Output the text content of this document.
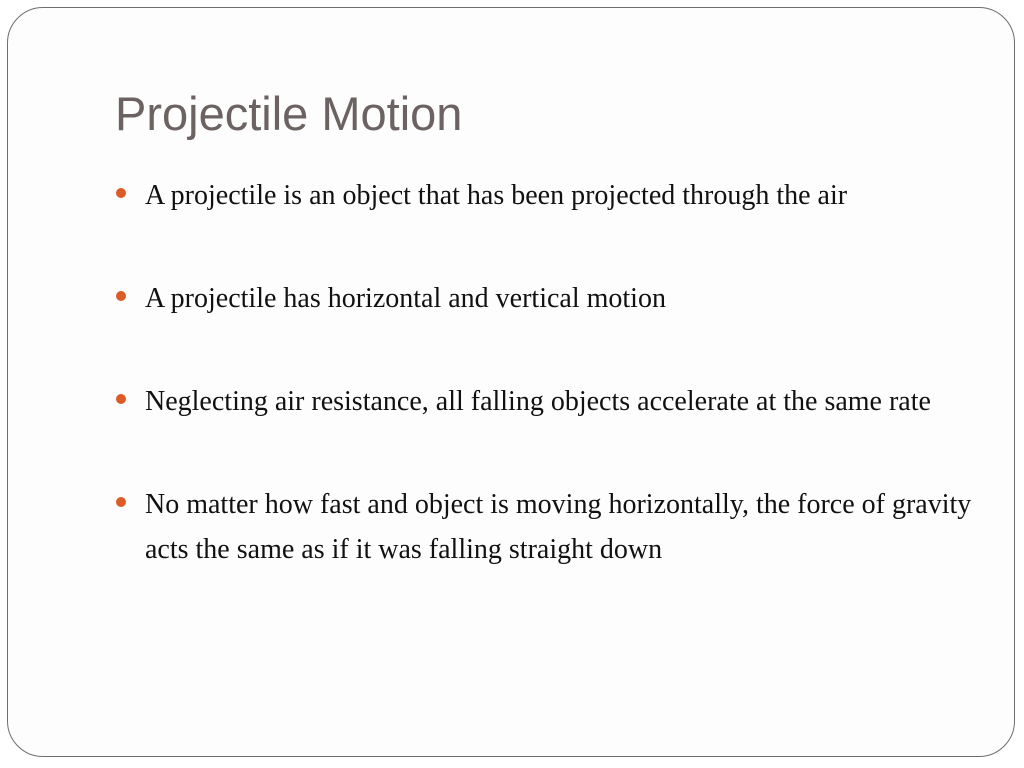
Projectile Motion
A projectile is an object that has been projected through the air
A projectile has horizontal and vertical motion
Neglecting air resistance, all falling objects accelerate at the same rate
No matter how fast and object is moving horizontally, the force of gravity acts the same as if it was falling straight down
